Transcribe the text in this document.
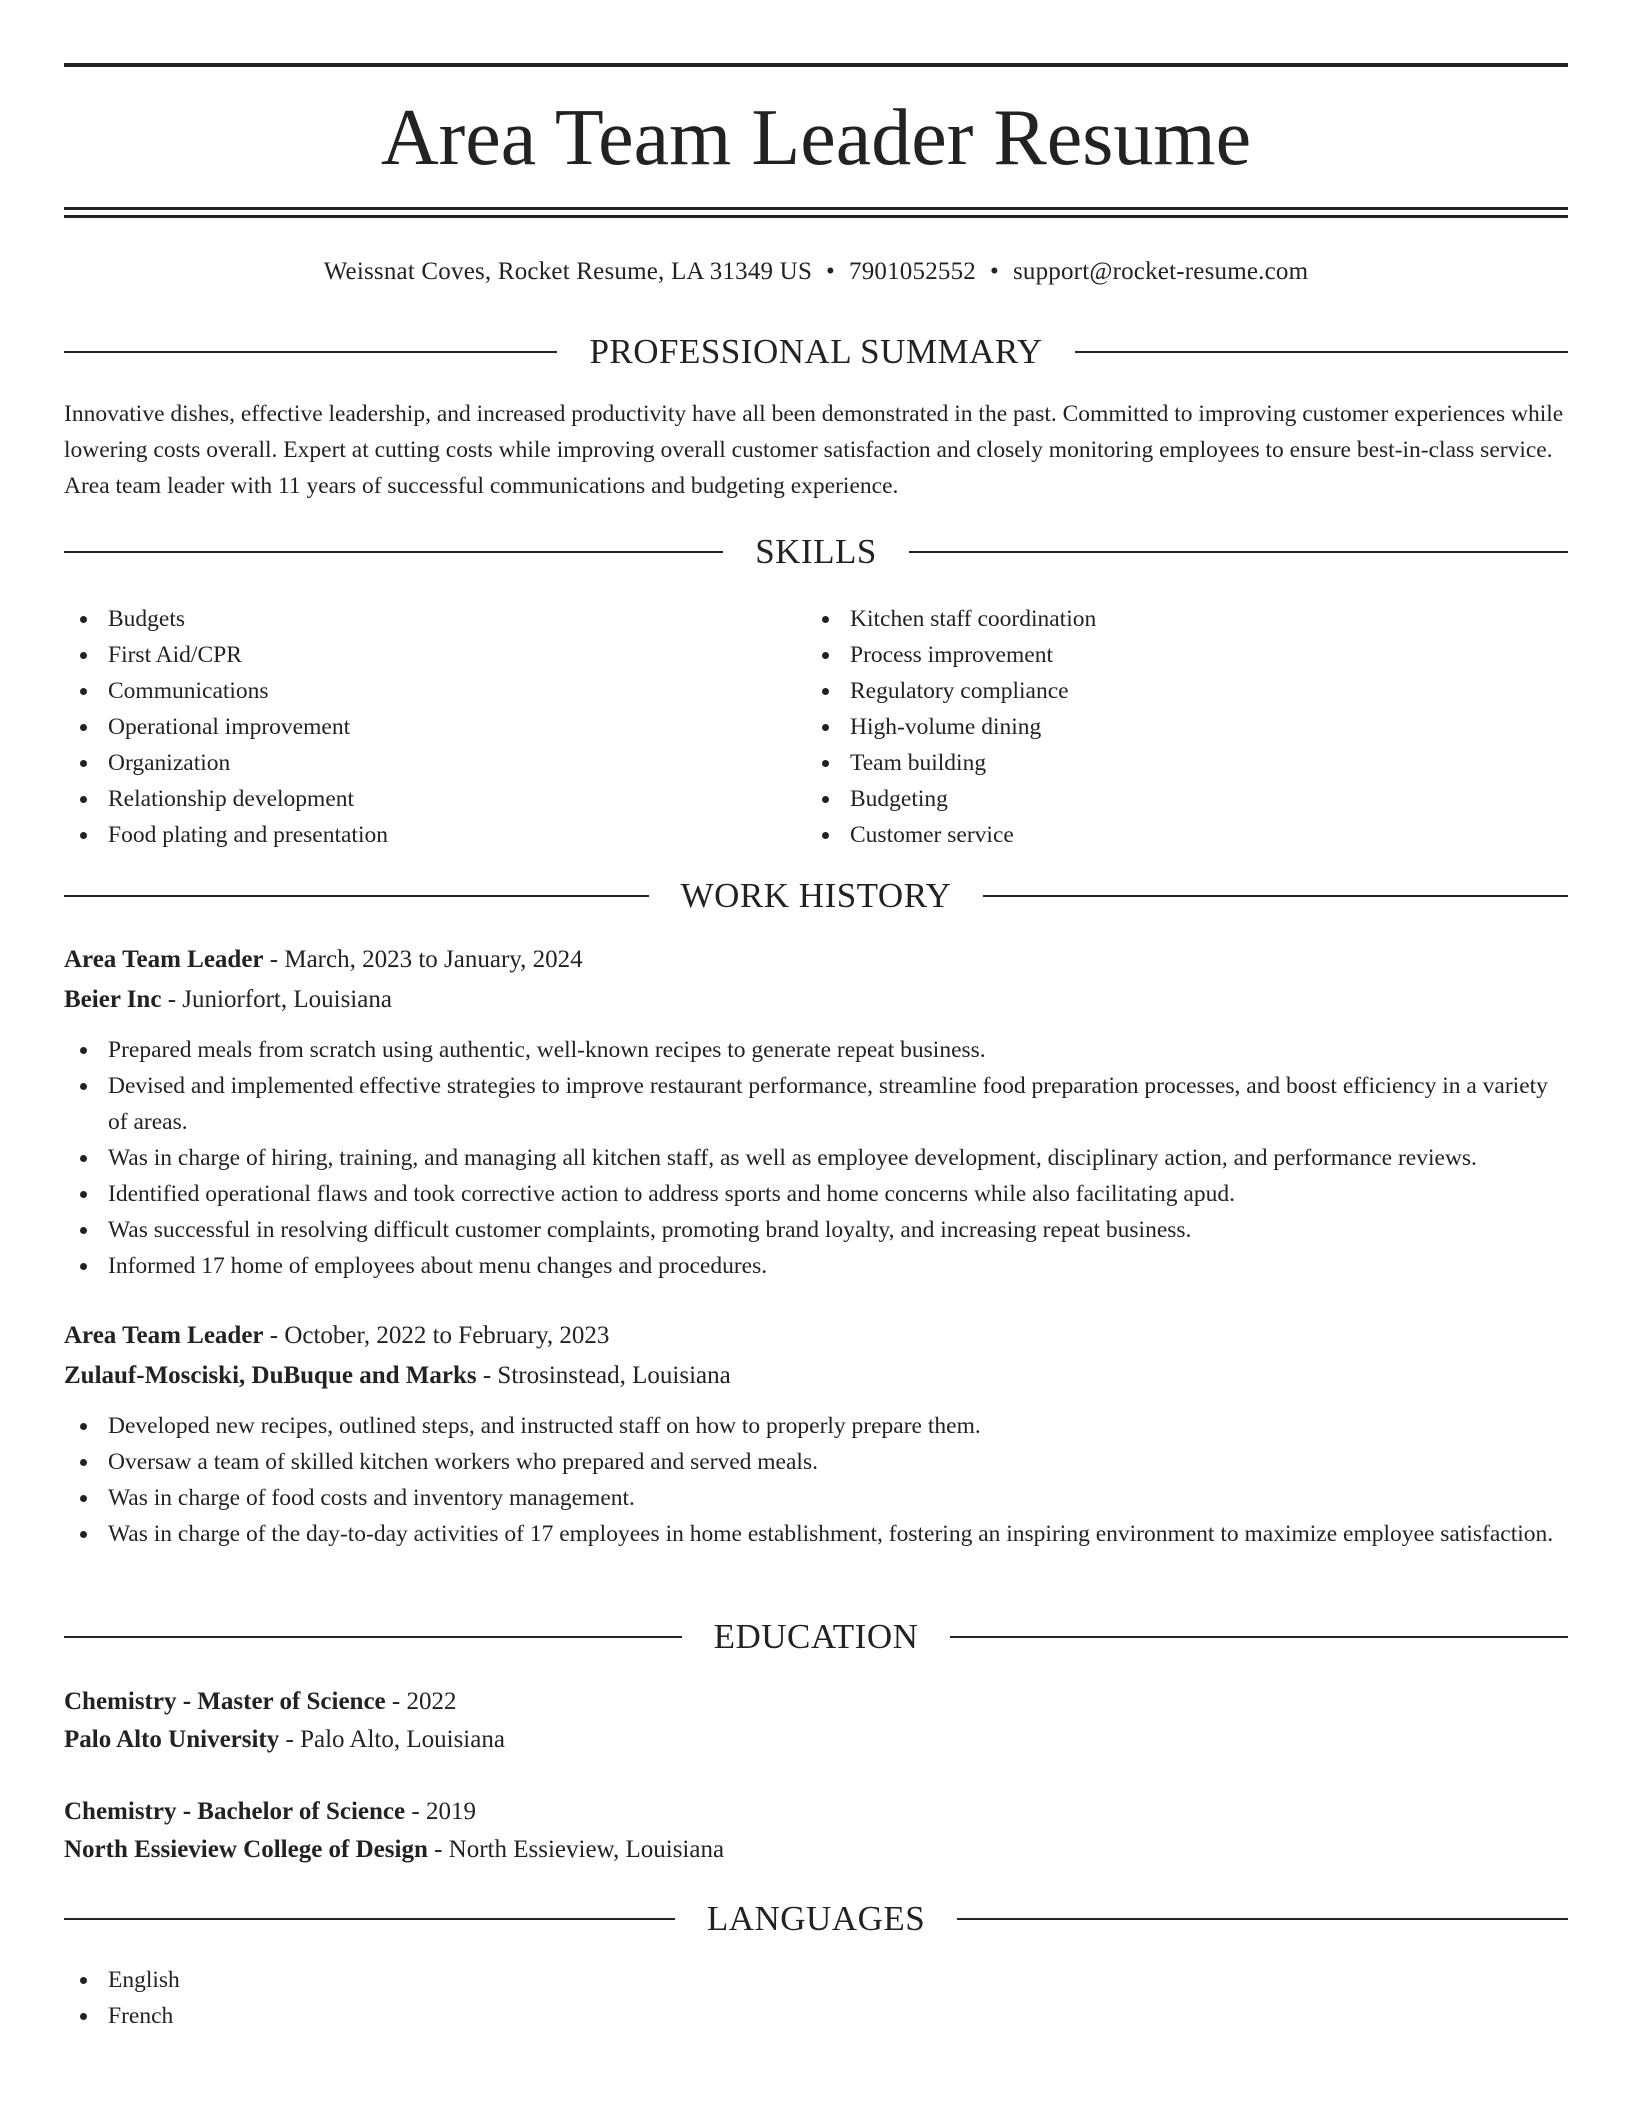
Area Team Leader Resume
Weissnat Coves, Rocket Resume, LA 31349 US • 7901052552 • support@rocket-resume.com
PROFESSIONAL SUMMARY
Innovative dishes, effective leadership, and increased productivity have all been demonstrated in the past. Committed to improving customer experiences while lowering costs overall. Expert at cutting costs while improving overall customer satisfaction and closely monitoring employees to ensure best-in-class service. Area team leader with 11 years of successful communications and budgeting experience.
SKILLS
Budgets
First Aid/CPR
Communications
Operational improvement
Organization
Relationship development
Food plating and presentation
Kitchen staff coordination
Process improvement
Regulatory compliance
High-volume dining
Team building
Budgeting
Customer service
WORK HISTORY
Area Team Leader - March, 2023 to January, 2024
Beier Inc - Juniorfort, Louisiana
Prepared meals from scratch using authentic, well-known recipes to generate repeat business.
Devised and implemented effective strategies to improve restaurant performance, streamline food preparation processes, and boost efficiency in a variety of areas.
Was in charge of hiring, training, and managing all kitchen staff, as well as employee development, disciplinary action, and performance reviews.
Identified operational flaws and took corrective action to address sports and home concerns while also facilitating apud.
Was successful in resolving difficult customer complaints, promoting brand loyalty, and increasing repeat business.
Informed 17 home of employees about menu changes and procedures.
Area Team Leader - October, 2022 to February, 2023
Zulauf-Mosciski, DuBuque and Marks - Strosinstead, Louisiana
Developed new recipes, outlined steps, and instructed staff on how to properly prepare them.
Oversaw a team of skilled kitchen workers who prepared and served meals.
Was in charge of food costs and inventory management.
Was in charge of the day-to-day activities of 17 employees in home establishment, fostering an inspiring environment to maximize employee satisfaction.
EDUCATION
Chemistry - Master of Science - 2022
Palo Alto University - Palo Alto, Louisiana
Chemistry - Bachelor of Science - 2019
North Essieview College of Design - North Essieview, Louisiana
LANGUAGES
English
French
